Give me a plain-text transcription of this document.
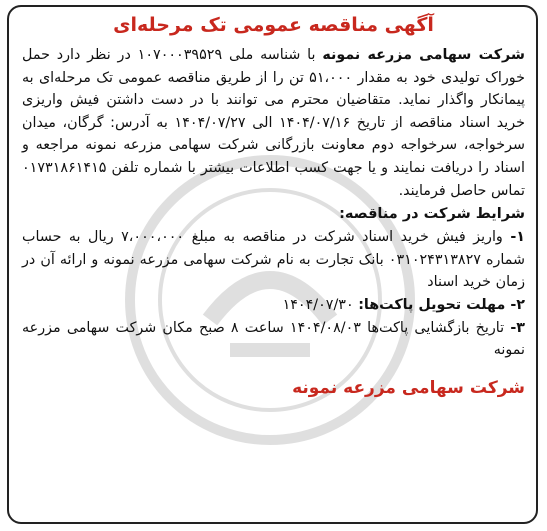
آگهی مناقصه عمومی تک مرحله‌ای

شرکت سهامی مزرعه نمونه با شناسه ملی ۱۰۷۰۰۰۳۹۵۲۹ در نظر دارد حمل خوراک تولیدی خود به مقدار ۵۱،۰۰۰ تن را از طریق مناقصه عمومی تک مرحله‌ای به پیمانکار واگذار نماید. متقاضیان محترم می توانند با در دست داشتن فیش واریزی خرید اسناد مناقصه از تاریخ ۱۴۰۴/۰۷/۱۶ الی ۱۴۰۴/۰۷/۲۷ به آدرس: گرگان، میدان سرخواجه، سرخواجه دوم معاونت بازرگانی شرکت سهامی مزرعه نمونه مراجعه و اسناد را دریافت نمایند و یا جهت کسب اطلاعات بیشتر با شماره تلفن ۰۱۷۳۱۸۶۱۴۱۵ تماس حاصل فرمایند.

شرایط شرکت در مناقصه:

۱- واریز فیش خرید اسناد شرکت در مناقصه به مبلغ ۷،۰۰۰،۰۰۰ ریال به حساب شماره ۰۳۱۰۲۴۳۱۳۸۲۷ بانک تجارت به نام شرکت سهامی مزرعه نمونه و ارائه آن در زمان خرید اسناد

۲- مهلت تحویل پاکت‌ها: ۱۴۰۴/۰۷/۳۰

۳- تاریخ بازگشایی پاکت‌ها ۱۴۰۴/۰۸/۰۳ ساعت ۸ صبح مکان شرکت سهامی مزرعه نمونه

شرکت سهامی مزرعه نمونه
